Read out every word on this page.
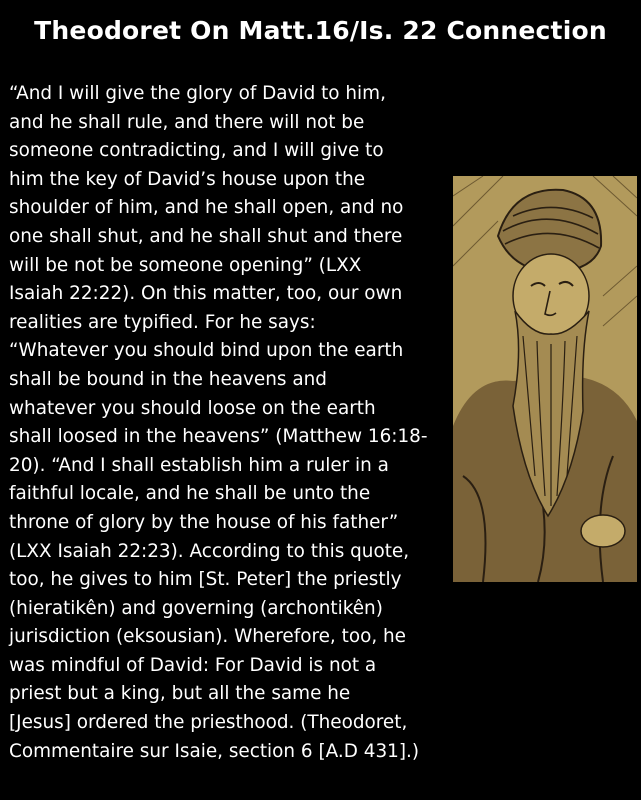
Theodoret On Matt.16/Is. 22 Connection
“And I will give the glory of David to him,
and he shall rule, and there will not be
someone contradicting, and I will give to
him the key of David’s house upon the
shoulder of him, and he shall open, and no
one shall shut, and he shall shut and there
will be not be someone opening” (LXX
Isaiah 22:22). On this matter, too, our own
realities are typified. For he says:
“Whatever you should bind upon the earth
shall be bound in the heavens and
whatever you should loose on the earth
shall loosed in the heavens” (Matthew 16:18-
20). “And I shall establish him a ruler in a
faithful locale, and he shall be unto the
throne of glory by the house of his father”
(LXX Isaiah 22:23). According to this quote,
too, he gives to him [St. Peter] the priestly
(hieratikên) and governing (archontikên)
jurisdiction (eksousian). Wherefore, too, he
was mindful of David: For David is not a
priest but a king, but all the same he
[Jesus] ordered the priesthood. (Theodoret,
Commentaire sur Isaie, section 6 [A.D 431].)
